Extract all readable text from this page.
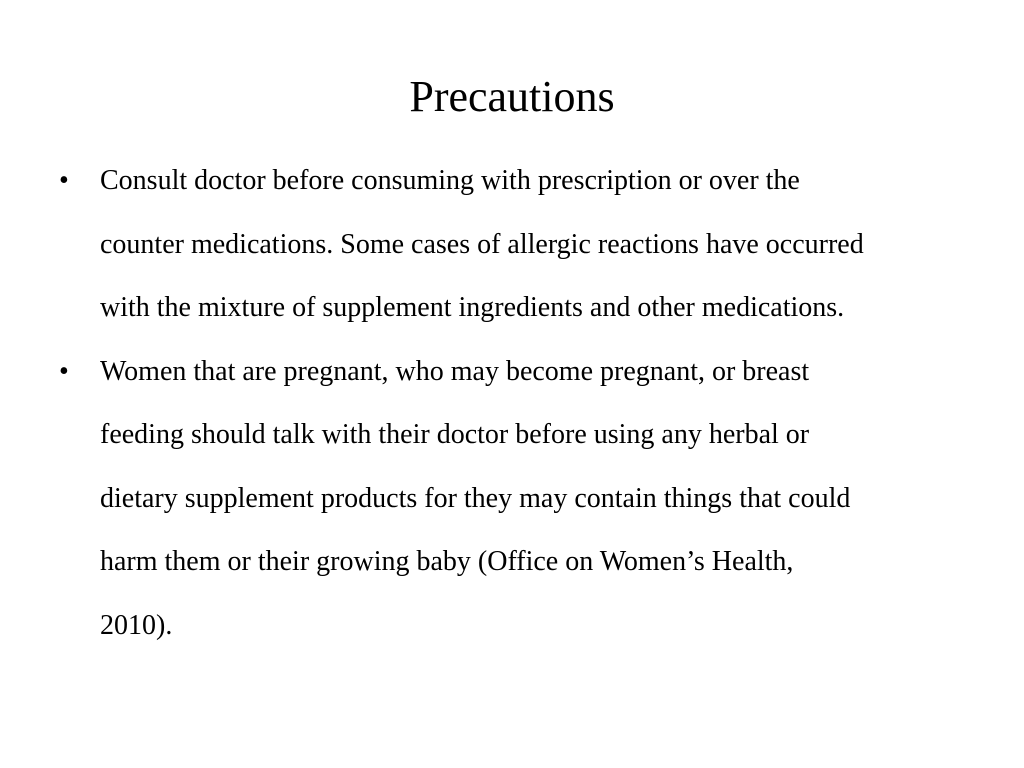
Precautions
•	Consult doctor before consuming with prescription or over the
counter medications. Some cases of allergic reactions have occurred
with the mixture of supplement ingredients and other medications.
•	Women that are pregnant, who may become pregnant, or breast
feeding should talk with their doctor before using any herbal or
dietary supplement products for they may contain things that could
harm them or their growing baby (Office on Women’s Health,
2010).
